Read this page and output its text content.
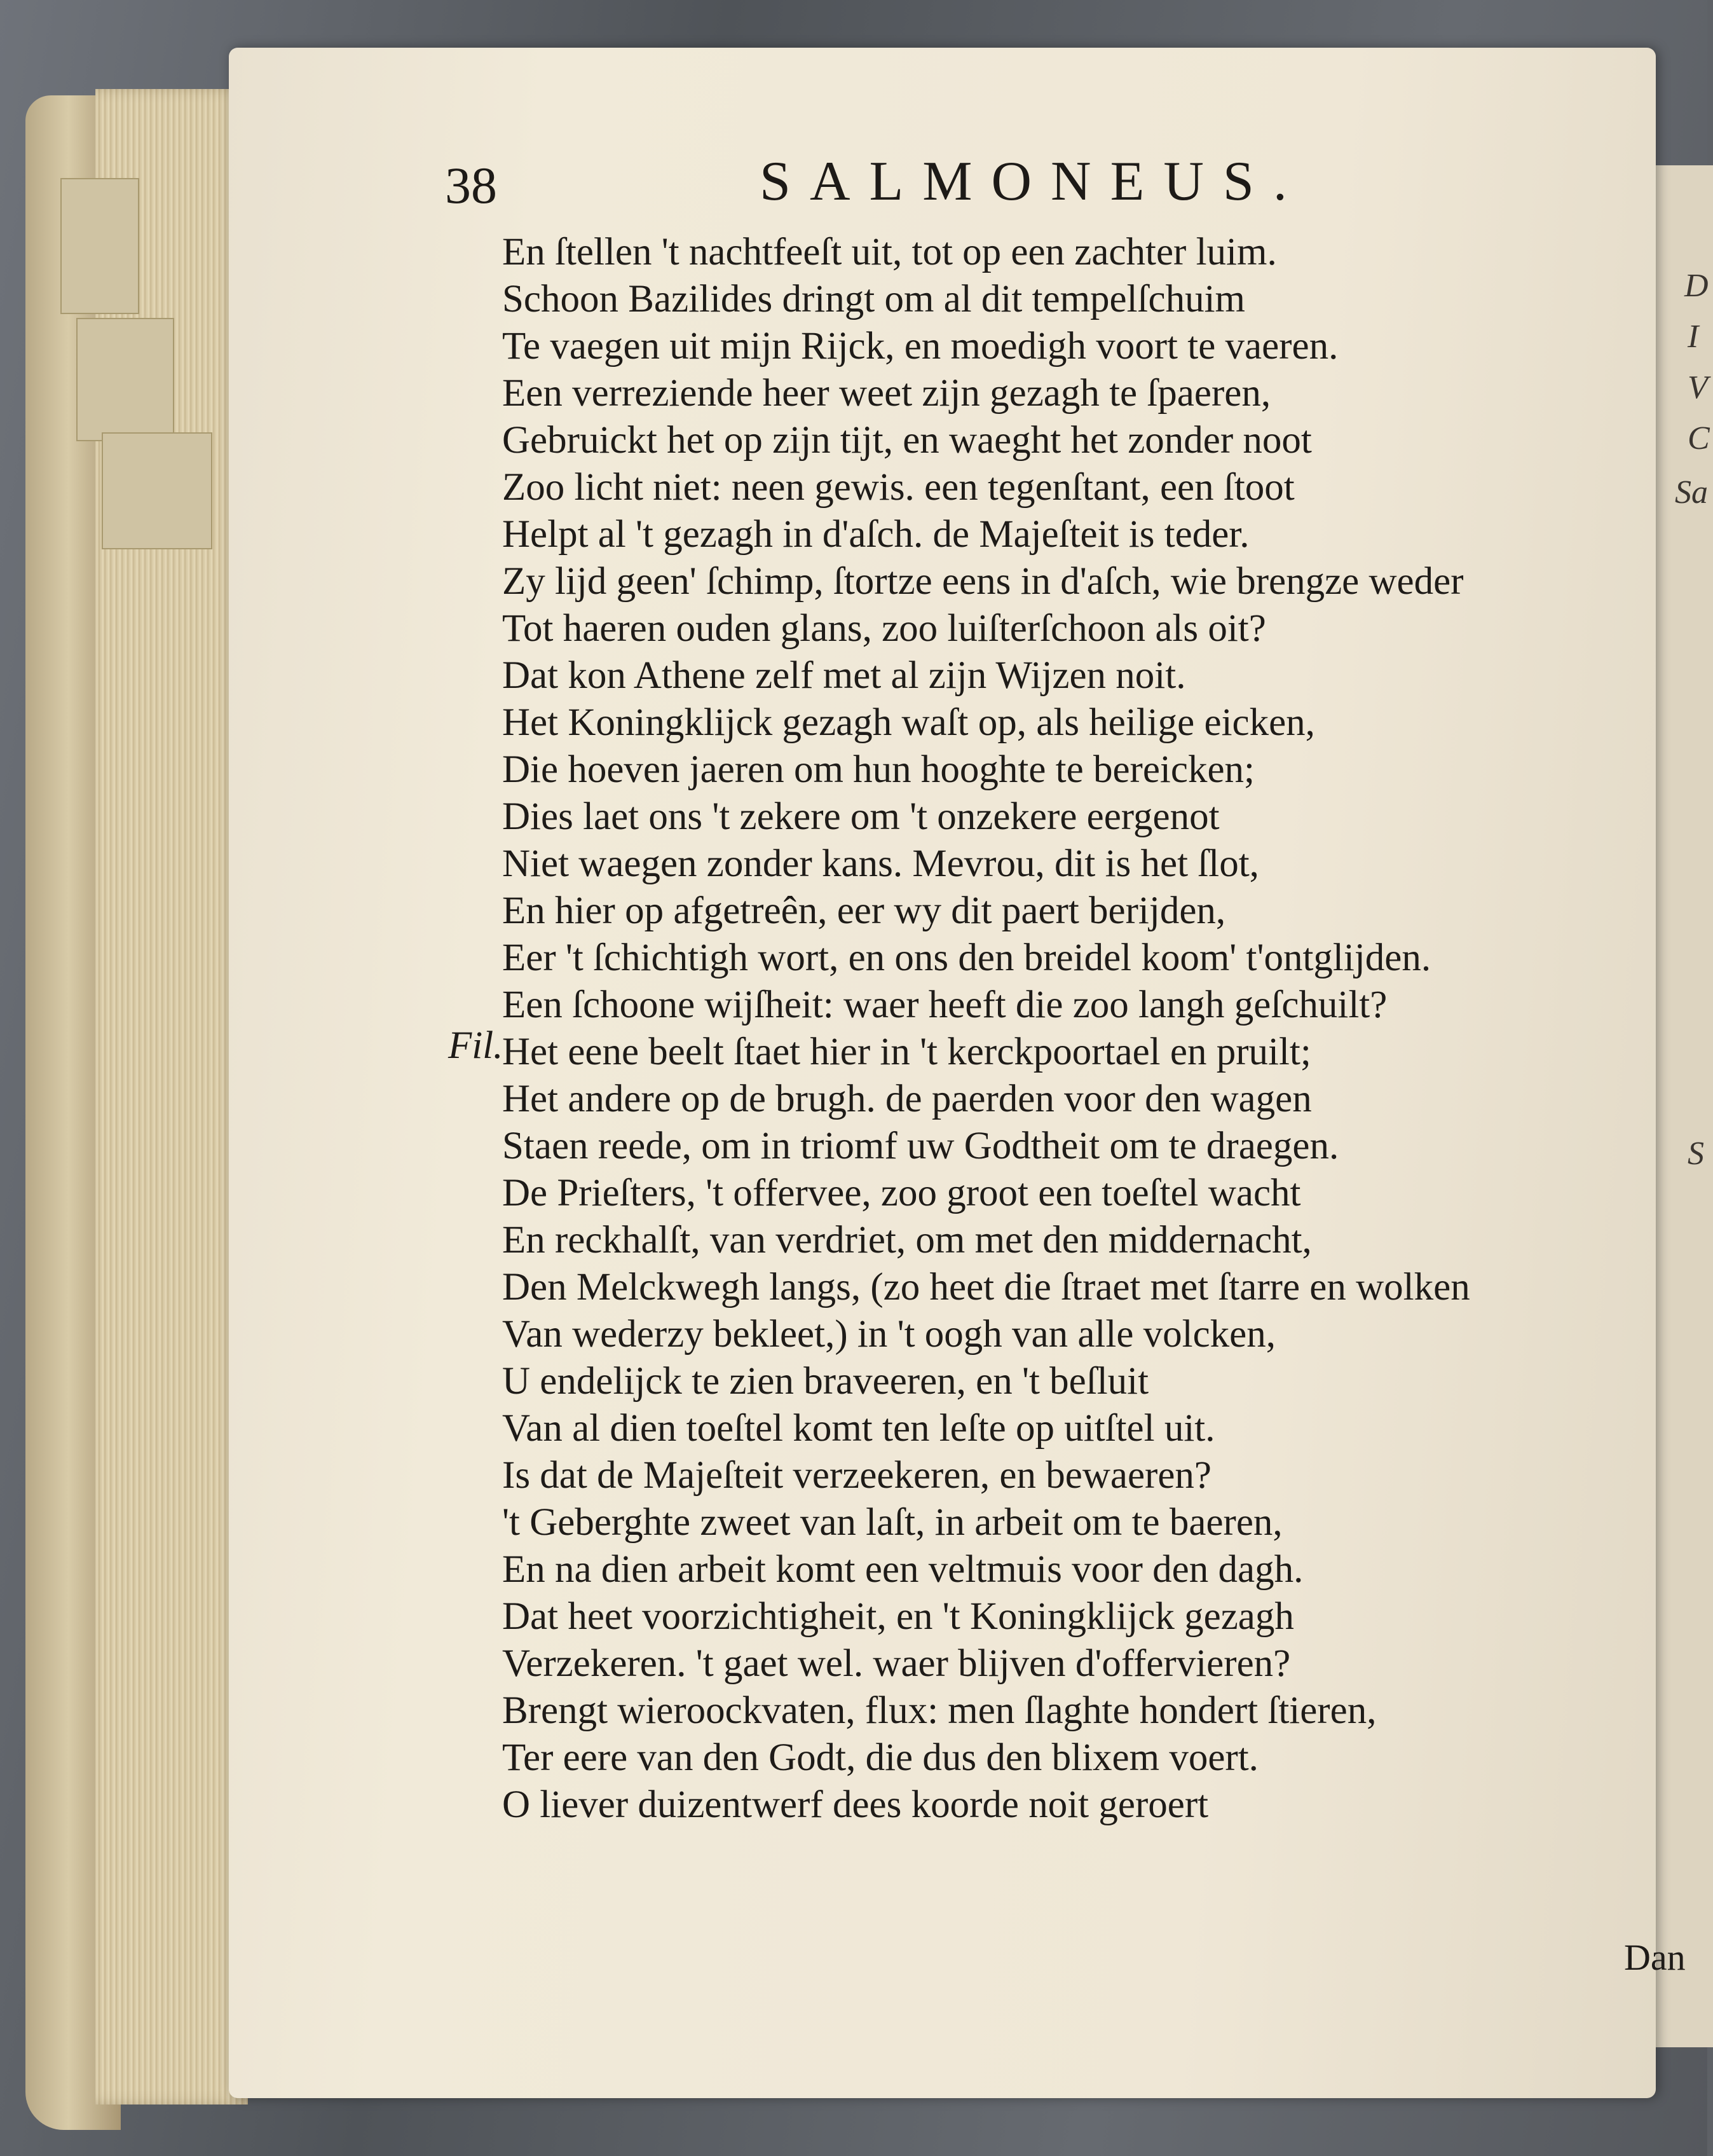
D
I
V
C
Sa
S
38	SALMONEUS.
Fil.
En ſtellen 't nachtfeeſt uit, tot op een zachter luim.
Schoon Bazilides dringt om al dit tempelſchuim
Te vaegen uit mijn Rijck, en moedigh voort te vaeren.
Een verreziende heer weet zijn gezagh te ſpaeren,
Gebruickt het op zijn tijt, en waeght het zonder noot
Zoo licht niet: neen gewis. een tegenſtant, een ſtoot
Helpt al 't gezagh in d'aſch. de Majeſteit is teder.
Zy lijd geen' ſchimp, ſtortze eens in d'aſch, wie brengze weder
Tot haeren ouden glans, zoo luiſterſchoon als oit?
Dat kon Athene zelf met al zijn Wijzen noit.
Het Koningklijck gezagh waſt op, als heilige eicken,
Die hoeven jaeren om hun hooghte te bereicken;
Dies laet ons 't zekere om 't onzekere eergenot
Niet waegen zonder kans. Mevrou, dit is het ſlot,
En hier op afgetreên, eer wy dit paert berijden,
Eer 't ſchichtigh wort, en ons den breidel koom' t'ontglijden.
Een ſchoone wijſheit: waer heeft die zoo langh geſchuilt?
Het eene beelt ſtaet hier in 't kerckpoortael en pruilt;
Het andere op de brugh. de paerden voor den wagen
Staen reede, om in triomf uw Godtheit om te draegen.
De Prieſters, 't offervee, zoo groot een toeſtel wacht
En reckhalſt, van verdriet, om met den middernacht,
Den Melckwegh langs, (zo heet die ſtraet met ſtarre en wolken
Van wederzy bekleet,) in 't oogh van alle volcken,
U endelijck te zien braveeren, en 't beſluit
Van al dien toeſtel komt ten leſte op uitſtel uit.
Is dat de Majeſteit verzeekeren, en bewaeren?
't Geberghte zweet van laſt, in arbeit om te baeren,
En na dien arbeit komt een veltmuis voor den dagh.
Dat heet voorzichtigheit, en 't Koningklijck gezagh
Verzekeren. 't gaet wel. waer blijven d'offervieren?
Brengt wieroockvaten, flux: men ſlaghte hondert ſtieren,
Ter eere van den Godt, die dus den blixem voert.
O liever duizentwerf dees koorde noit geroert
Dan
